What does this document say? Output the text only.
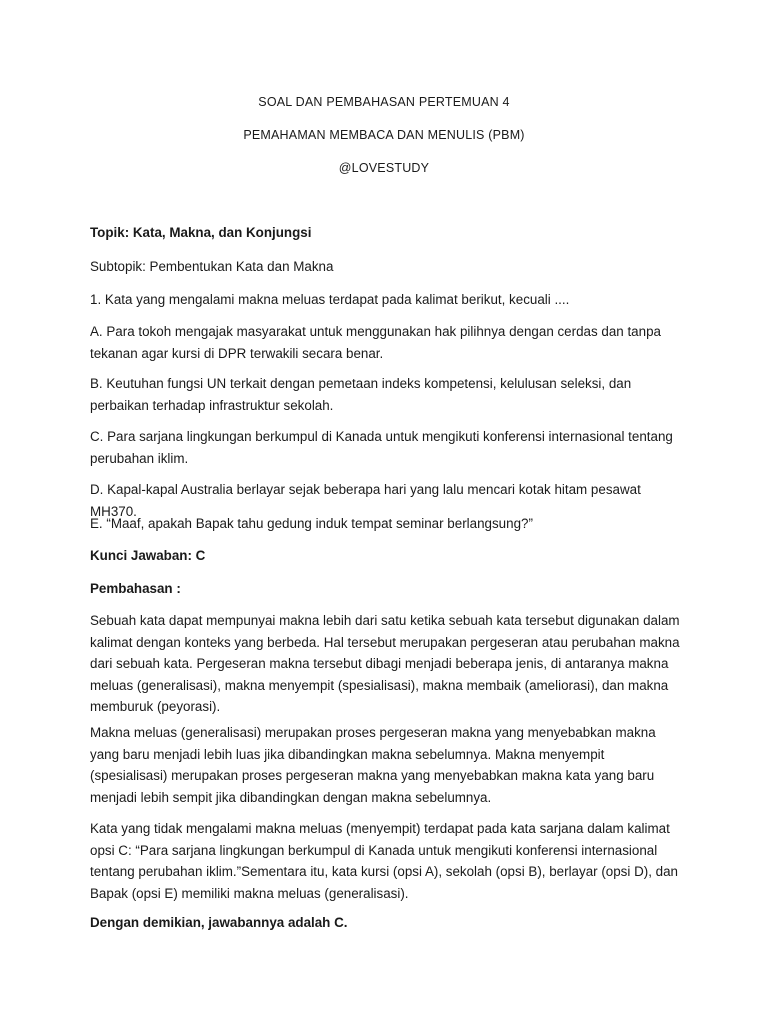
SOAL DAN PEMBAHASAN PERTEMUAN 4
PEMAHAMAN MEMBACA DAN MENULIS (PBM)
@LOVESTUDY

Topik: Kata, Makna, dan Konjungsi

Subtopik: Pembentukan Kata dan Makna

1. Kata yang mengalami makna meluas terdapat pada kalimat berikut, kecuali ....

A. Para tokoh mengajak masyarakat untuk menggunakan hak pilihnya dengan cerdas dan tanpa tekanan agar kursi di DPR terwakili secara benar.

B. Keutuhan fungsi UN terkait dengan pemetaan indeks kompetensi, kelulusan seleksi, dan perbaikan terhadap infrastruktur sekolah.

C. Para sarjana lingkungan berkumpul di Kanada untuk mengikuti konferensi internasional tentang perubahan iklim.

D. Kapal-kapal Australia berlayar sejak beberapa hari yang lalu mencari kotak hitam pesawat MH370.

E. “Maaf, apakah Bapak tahu gedung induk tempat seminar berlangsung?”

Kunci Jawaban: C

Pembahasan :

Sebuah kata dapat mempunyai makna lebih dari satu ketika sebuah kata tersebut digunakan dalam kalimat dengan konteks yang berbeda. Hal tersebut merupakan pergeseran atau perubahan makna dari sebuah kata. Pergeseran makna tersebut dibagi menjadi beberapa jenis, di antaranya makna meluas (generalisasi), makna menyempit (spesialisasi), makna membaik (ameliorasi), dan makna memburuk (peyorasi).

Makna meluas (generalisasi) merupakan proses pergeseran makna yang menyebabkan makna yang baru menjadi lebih luas jika dibandingkan makna sebelumnya. Makna menyempit (spesialisasi) merupakan proses pergeseran makna yang menyebabkan makna kata yang baru menjadi lebih sempit jika dibandingkan dengan makna sebelumnya.

Kata yang tidak mengalami makna meluas (menyempit) terdapat pada kata sarjana dalam kalimat opsi C: “Para sarjana lingkungan berkumpul di Kanada untuk mengikuti konferensi internasional tentang perubahan iklim.”Sementara itu, kata kursi (opsi A), sekolah (opsi B), berlayar (opsi D), dan Bapak (opsi E) memiliki makna meluas (generalisasi).

Dengan demikian, jawabannya adalah C.
